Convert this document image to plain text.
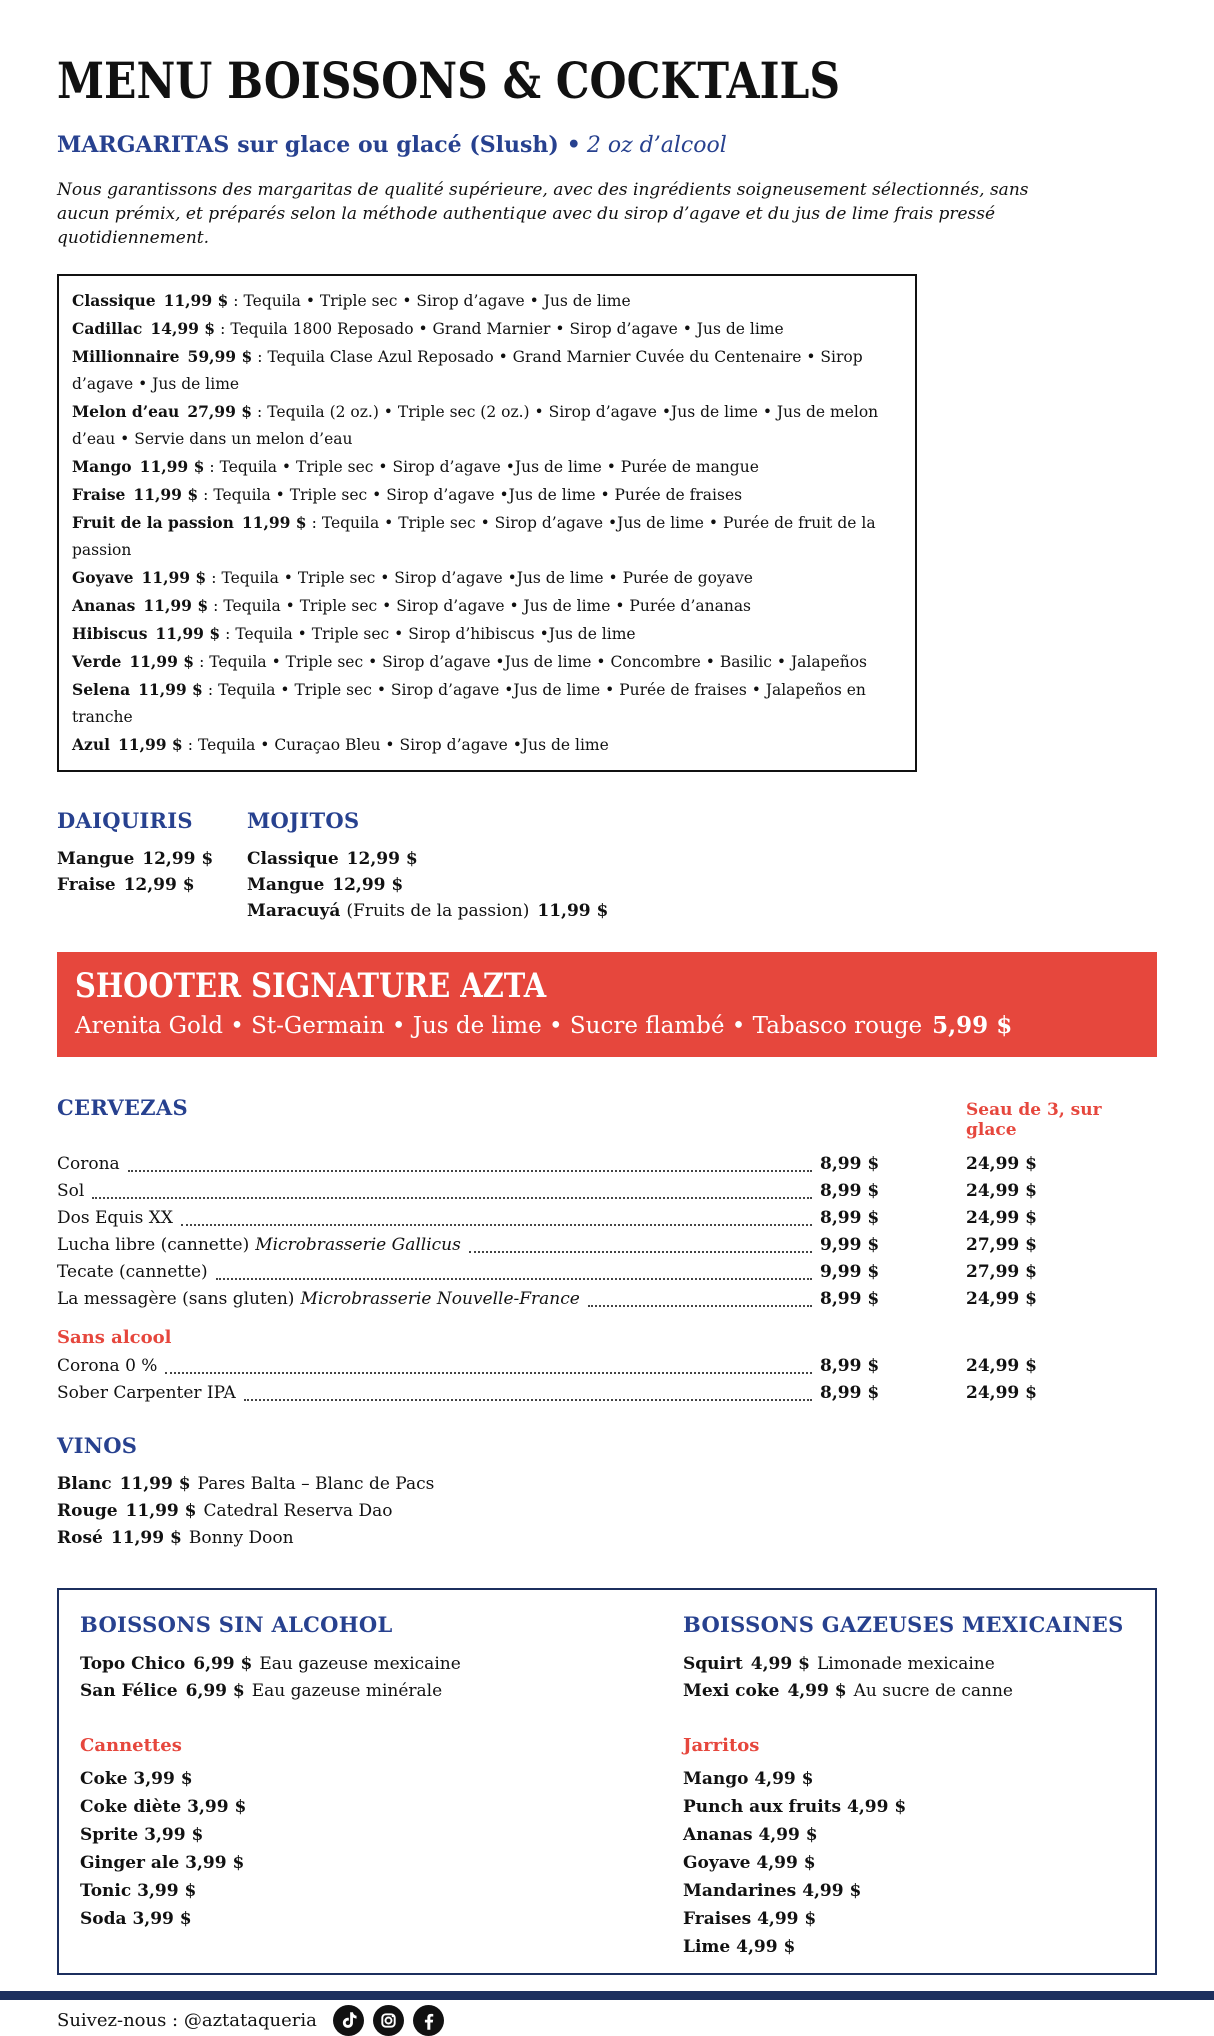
MENU BOISSONS & COCKTAILS
MARGARITAS sur glace ou glacé (Slush) • 2 oz d’alcool

Nous garantissons des margaritas de qualité supérieure, avec des ingrédients soigneusement sélectionnés, sans aucun prémix, et préparés selon la méthode authentique avec du sirop d’agave et du jus de lime frais pressé quotidiennement.

Classique 11,99 $ : Tequila • Triple sec • Sirop d’agave • Jus de lime
Cadillac 14,99 $ : Tequila 1800 Reposado • Grand Marnier • Sirop d’agave • Jus de lime
Millionnaire 59,99 $ : Tequila Clase Azul Reposado • Grand Marnier Cuvée du Centenaire • Sirop d’agave • Jus de lime
Melon d’eau 27,99 $ : Tequila (2 oz.) • Triple sec (2 oz.) • Sirop d’agave •Jus de lime • Jus de melon d’eau • Servie dans un melon d’eau
Mango 11,99 $ : Tequila • Triple sec • Sirop d’agave •Jus de lime • Purée de mangue
Fraise 11,99 $ : Tequila • Triple sec • Sirop d’agave •Jus de lime • Purée de fraises
Fruit de la passion 11,99 $ : Tequila • Triple sec • Sirop d’agave •Jus de lime • Purée de fruit de la passion
Goyave 11,99 $ : Tequila • Triple sec • Sirop d’agave •Jus de lime • Purée de goyave
Ananas 11,99 $ : Tequila • Triple sec • Sirop d’agave • Jus de lime • Purée d’ananas
Hibiscus 11,99 $ : Tequila • Triple sec • Sirop d’hibiscus •Jus de lime
Verde 11,99 $ : Tequila • Triple sec • Sirop d’agave •Jus de lime • Concombre • Basilic • Jalapeños
Selena 11,99 $ : Tequila • Triple sec • Sirop d’agave •Jus de lime • Purée de fraises • Jalapeños en tranche
Azul 11,99 $ : Tequila • Curaçao Bleu • Sirop d’agave •Jus de lime
DAIQUIRIS
Mangue 12,99 $
Fraise 12,99 $
MOJITOS
Classique 12,99 $
Mangue 12,99 $
Maracuyá (Fruits de la passion) 11,99 $
SHOOTER SIGNATURE AZTA
Arenita Gold • St-Germain • Jus de lime • Sucre flambé • Tabasco rouge 5,99 $
CERVEZAS	Seau de 3, sur glace
Corona	8,99 $	24,99 $
Sol	8,99 $	24,99 $
Dos Equis XX	8,99 $	24,99 $
Lucha libre (cannette) Microbrasserie Gallicus	9,99 $	27,99 $
Tecate (cannette)	9,99 $	27,99 $
La messagère (sans gluten) Microbrasserie Nouvelle-France	8,99 $	24,99 $
Sans alcool
Corona 0 %	8,99 $	24,99 $
Sober Carpenter IPA	8,99 $	24,99 $
VINOS
Blanc 11,99 $ Pares Balta – Blanc de Pacs
Rouge 11,99 $ Catedral Reserva Dao
Rosé 11,99 $ Bonny Doon
BOISSONS SIN ALCOHOL
Topo Chico 6,99 $ Eau gazeuse mexicaine
San Félice 6,99 $ Eau gazeuse minérale
Cannettes
Coke 3,99 $
Coke diète 3,99 $
Sprite 3,99 $
Ginger ale 3,99 $
Tonic 3,99 $
Soda 3,99 $
BOISSONS GAZEUSES MEXICAINES
Squirt 4,99 $ Limonade mexicaine
Mexi coke 4,99 $ Au sucre de canne
Jarritos
Mango 4,99 $
Punch aux fruits 4,99 $
Ananas 4,99 $
Goyave 4,99 $
Mandarines 4,99 $
Fraises 4,99 $
Lime 4,99 $
Suivez-nous : @aztataqueria
